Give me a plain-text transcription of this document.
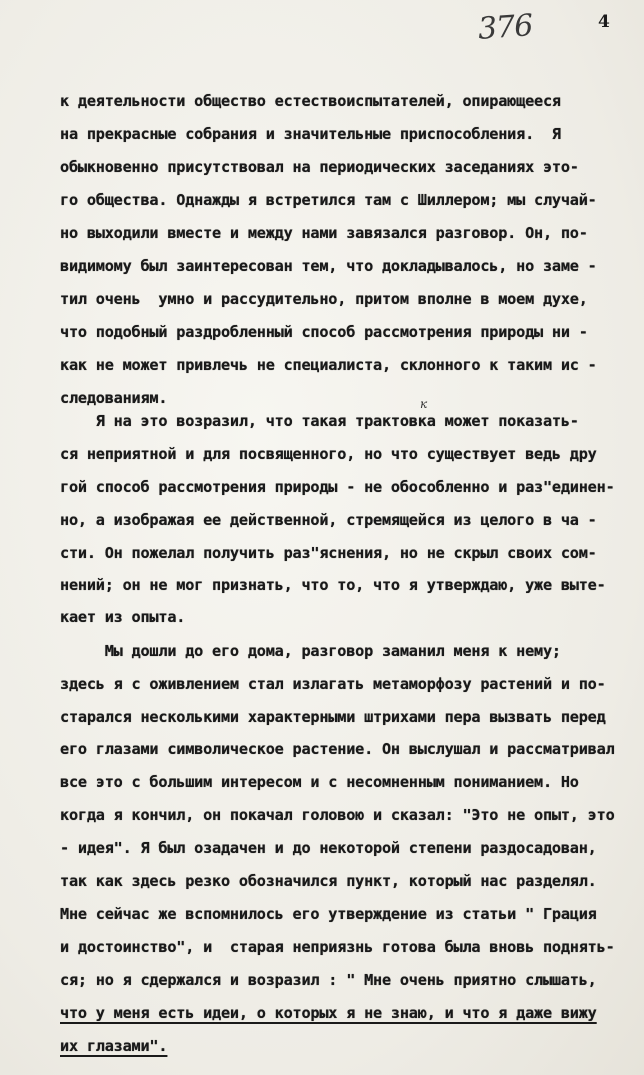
376	4
к
к деятельности общество естествоиспытателей, опирающееся
на прекрасные собрания и значительные приспособления.  Я
обыкновенно присутствовал на периодических заседаниях это-
го общества. Однажды я встретился там с Шиллером; мы случай-
но выходили вместе и между нами завязался разговор. Он, по-
видимому был заинтересован тем, что докладывалось, но заме -
тил очень  умно и рассудительно, притом вполне в моем духе,
что подобный раздробленный способ рассмотрения природы ни -
как не может привлечь не специалиста, склонного к таким ис -
следованиям.
Я на это возразил, что такая трактовка может показать-
ся неприятной и для посвященного, но что существует ведь дру
гой способ рассмотрения природы - не обособленно и раз"единен-
но, а изображая ее действенной, стремящейся из целого в ча -
сти. Он пожелал получить раз"яснения, но не скрыл своих сом-
нений; он не мог признать, что то, что я утверждаю, уже выте-
кает из опыта.
Мы дошли до его дома, разговор заманил меня к нему;
здесь я с оживлением стал излагать метаморфозу растений и по-
старался несколькими характерными штрихами пера вызвать перед
его глазами символическое растение. Он выслушал и рассматривал
все это с большим интересом и с несомненным пониманием. Но
когда я кончил, он покачал головою и сказал: "Это не опыт, это
- идея". Я был озадачен и до некоторой степени раздосадован,
так как здесь резко обозначился пункт, который нас разделял.
Мне сейчас же вспомнилось его утверждение из статьи " Грация
и достоинство", и  старая неприязнь готова была вновь поднять-
ся; но я сдержался и возразил : " Мне очень приятно слышать,
что у меня есть идеи, о которых я не знаю, и что я даже вижу
их глазами".
